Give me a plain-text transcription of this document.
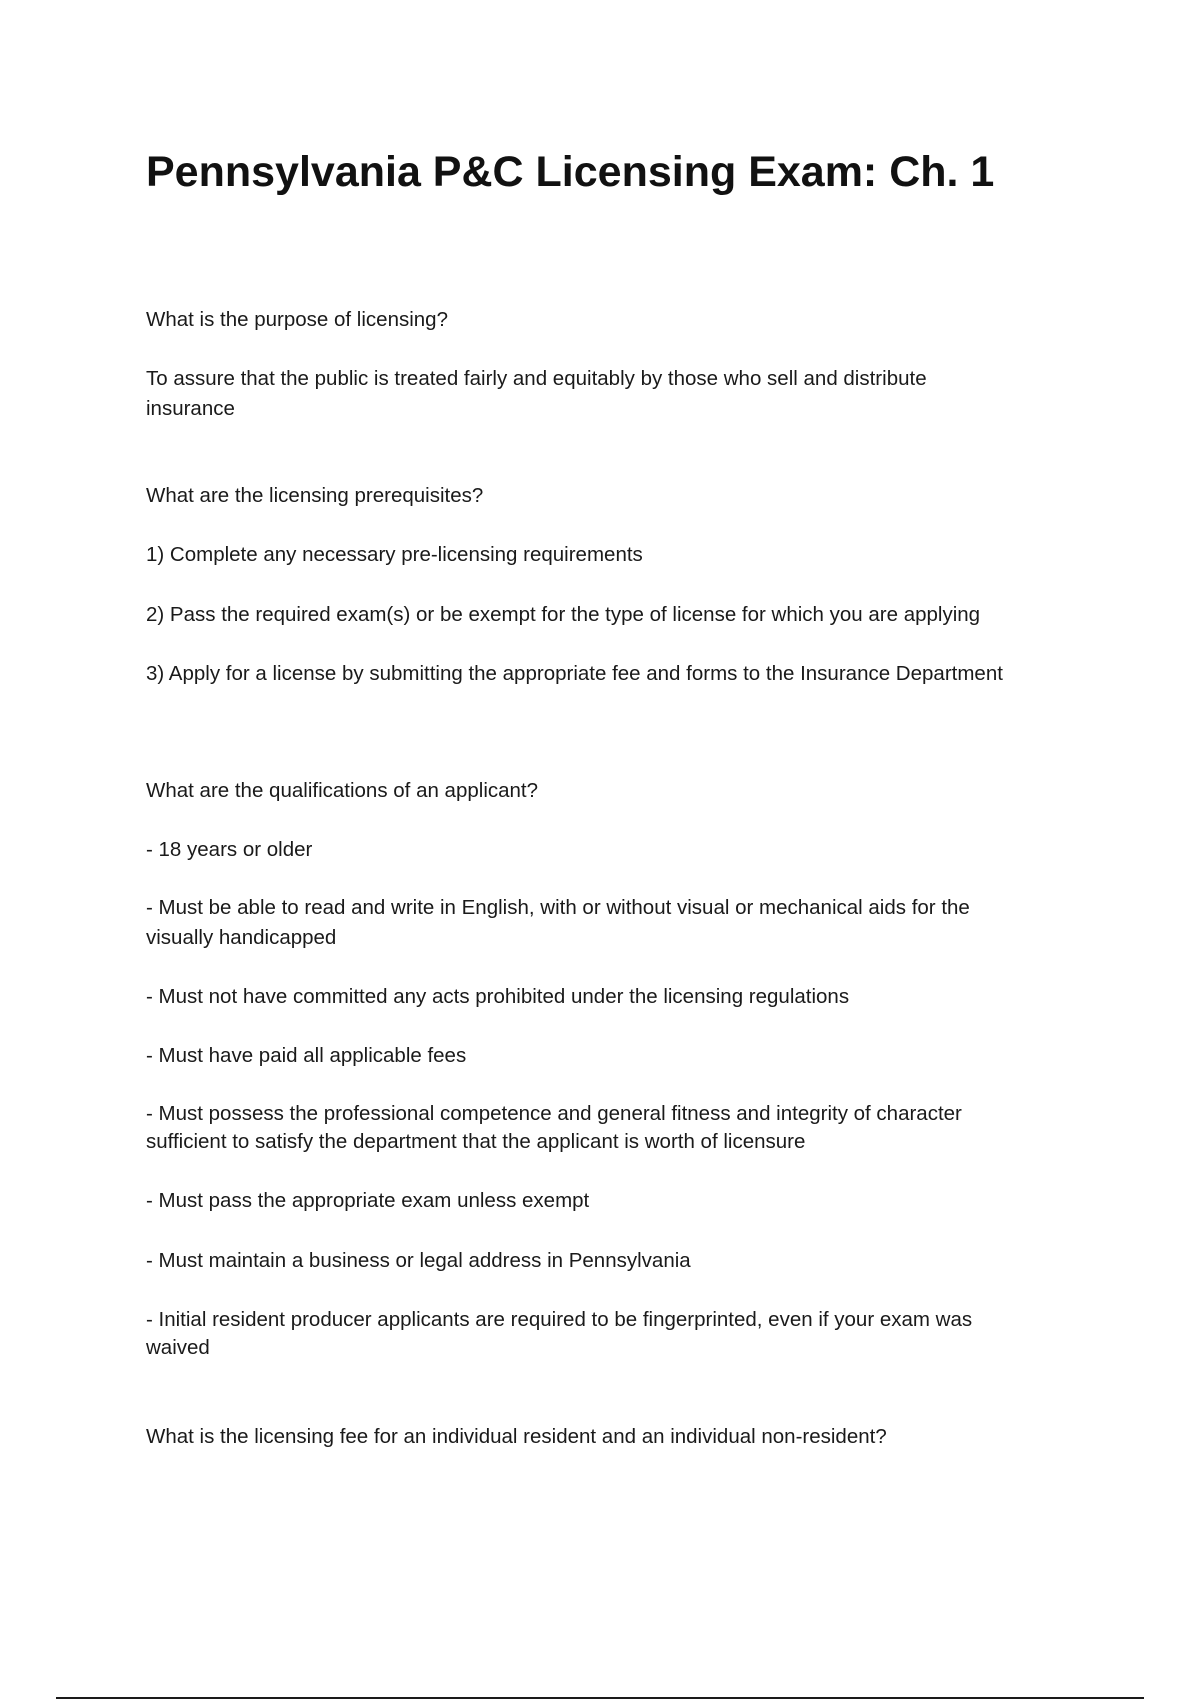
Pennsylvania P&C Licensing Exam: Ch. 1

What is the purpose of licensing?

To assure that the public is treated fairly and equitably by those who sell and distribute

insurance

What are the licensing prerequisites?

1) Complete any necessary pre-licensing requirements

2) Pass the required exam(s) or be exempt for the type of license for which you are applying

3) Apply for a license by submitting the appropriate fee and forms to the Insurance Department

What are the qualifications of an applicant?

- 18 years or older

- Must be able to read and write in English, with or without visual or mechanical aids for the

visually handicapped

- Must not have committed any acts prohibited under the licensing regulations

- Must have paid all applicable fees

- Must possess the professional competence and general fitness and integrity of character

sufficient to satisfy the department that the applicant is worth of licensure

- Must pass the appropriate exam unless exempt

- Must maintain a business or legal address in Pennsylvania

- Initial resident producer applicants are required to be fingerprinted, even if your exam was

waived

What is the licensing fee for an individual resident and an individual non-resident?
